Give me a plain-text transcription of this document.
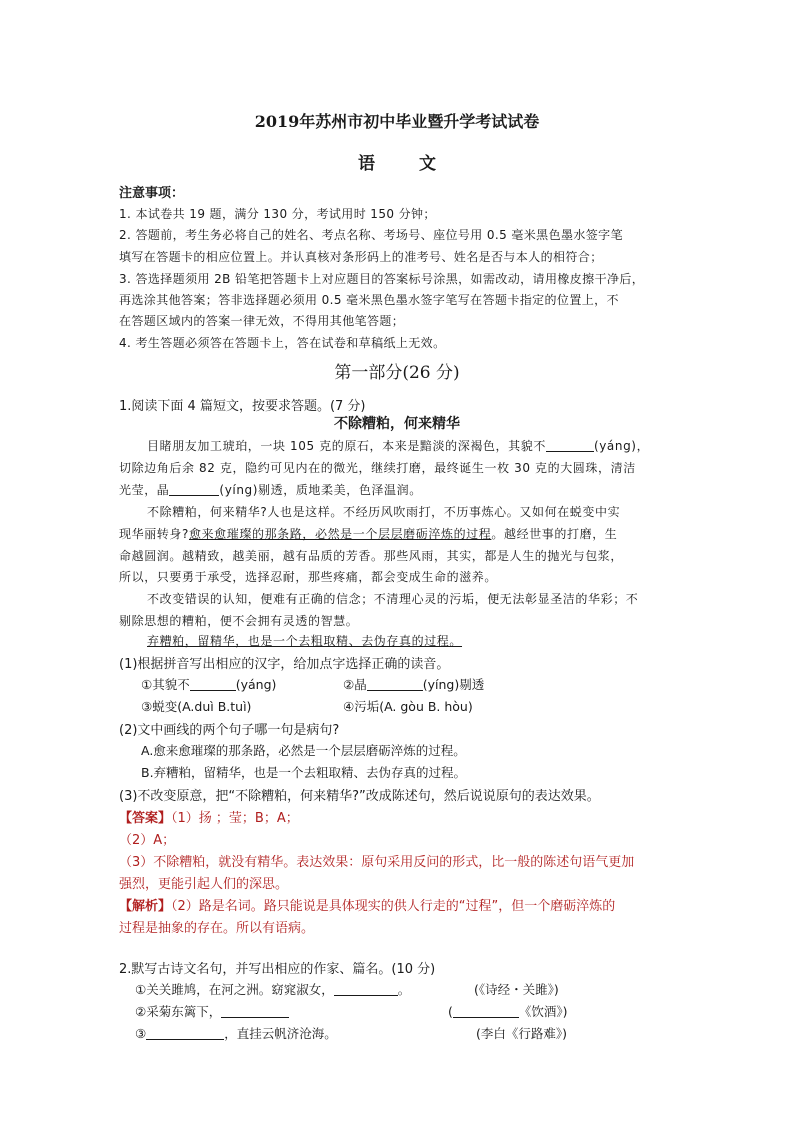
2019年苏州市初中毕业暨升学考试试卷
语	文
注意事项：
1. 本试卷共 19 题，满分 130 分，考试用时 150 分钟；
2. 答题前，考生务必将自己的姓名、考点名称、考场号、座位号用 0.5 毫米黑色墨水签字笔
填写在答题卡的相应位置上。并认真核对条形码上的准考号、姓名是否与本人的相符合；
3. 答选择题须用 2B 铅笔把答题卡上对应题目的答案标号涂黑，如需改动，请用橡皮擦干净后，
再选涂其他答案；答非选择题必须用 0.5 毫米黑色墨水签字笔写在答题卡指定的位置上，不
在答题区域内的答案一律无效，不得用其他笔答题；
4. 考生答题必须答在答题卡上，答在试卷和草稿纸上无效。
第一部分(26 分)
1.阅读下面 4 篇短文，按要求答题。(7 分)
不除糟粕，何来精华
目睹朋友加工琥珀，一块 105 克的原石，本来是黯淡的深褐色，其貌不	(yáng)，
切除边角后余 82 克，隐约可见内在的微光，继续打磨，最终诞生一枚 30 克的大圆珠，清洁
光莹，晶	(yíng)剔透，质地柔美，色泽温润。
不除糟粕，何来精华?人也是这样。不经历风吹雨打，不历事炼心。又如何在蜕变中实
现华丽转身?愈来愈璀璨的那条路，必然是一个层层磨砺淬炼的过程。越经世事的打磨，生
命越圆润。越精致，越美丽，越有品质的芳香。那些风雨，其实，都是人生的抛光与包浆，
所以，只要勇于承受，选择忍耐，那些疼痛，都会变成生命的滋养。
不改变错误的认知，便难有正确的信念；不清理心灵的污垢，便无法彰显圣洁的华彩；不
剔除思想的糟粕，便不会拥有灵透的智慧。
弃糟粕，留精华，也是一个去粗取精、去伪存真的过程。
(1)根据拼音写出相应的汉字，给加点字选择正确的读音。
①其貌不	(yáng)	②晶	(yíng)剔透
③蜕变(A.duì B.tuì)	④污垢(A. gòu B. hòu)
(2)文中画线的两个句子哪一句是病句?
A.愈来愈璀璨的那条路，必然是一个层层磨砺淬炼的过程。
B.弃糟粕，留精华，也是一个去粗取精、去伪存真的过程。
(3)不改变原意，把“不除糟粕，何来精华?”改成陈述句，然后说说原句的表达效果。
【答案】（1）扬 ；莹；B；A；
（2）A；
（3）不除糟粕，就没有精华。表达效果：原句采用反问的形式，比一般的陈述句语气更加
强烈，更能引起人们的深思。
【解析】（2）路是名词。路只能说是具体现实的供人行走的“过程”，但一个磨砺淬炼的
过程是抽象的存在。所以有语病。
2.默写古诗文名句，并写出相应的作家、篇名。(10 分)
①关关雎鸠，在河之洲。窈窕淑女，	。	(《诗经・关雎》)
②采菊东篱下，	(	《饮酒》)
③	，直挂云帆济沧海。	(李白《行路难》)
